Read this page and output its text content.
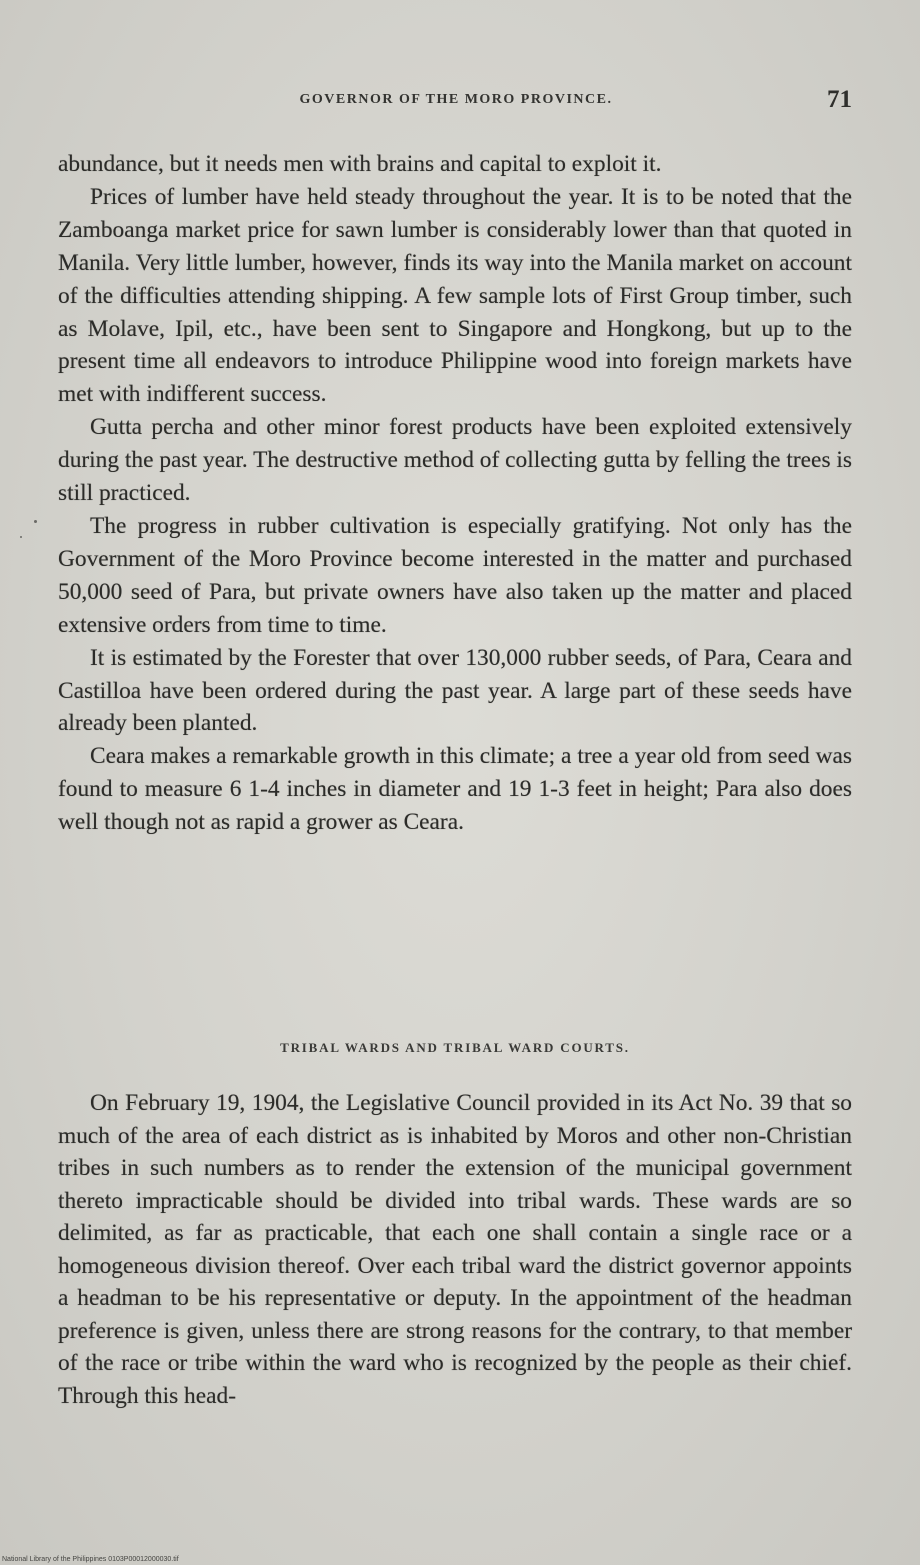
GOVERNOR OF THE MORO PROVINCE.	71

abundance, but it needs men with brains and capital to exploit it.

Prices of lumber have held steady throughout the year. It is to be noted that the Zamboanga market price for sawn lumber is considerably lower than that quoted in Manila. Very little lumber, however, finds its way into the Manila market on account of the difficulties attending shipping. A few sample lots of First Group timber, such as Molave, Ipil, etc., have been sent to Singapore and Hongkong, but up to the present time all endeavors to introduce Philippine wood into foreign markets have met with indifferent success.

Gutta percha and other minor forest products have been exploited extensively during the past year. The destructive method of collecting gutta by felling the trees is still practiced.

The progress in rubber cultivation is especially gratifying. Not only has the Government of the Moro Province become interested in the matter and purchased 50,000 seed of Para, but private owners have also taken up the matter and placed extensive orders from time to time.

It is estimated by the Forester that over 130,000 rubber seeds, of Para, Ceara and Castilloa have been ordered during the past year. A large part of these seeds have already been planted.

Ceara makes a remarkable growth in this climate; a tree a year old from seed was found to measure 6 1-4 inches in diameter and 19 1-3 feet in height; Para also does well though not as rapid a grower as Ceara.

TRIBAL WARDS AND TRIBAL WARD COURTS.

On February 19, 1904, the Legislative Council provided in its Act No. 39 that so much of the area of each district as is inhabited by Moros and other non-Christian tribes in such numbers as to render the extension of the municipal government thereto impracticable should be divided into tribal wards. These wards are so delimited, as far as practicable, that each one shall contain a single race or a homogeneous division thereof. Over each tribal ward the district governor appoints a headman to be his representative or deputy. In the appointment of the headman preference is given, unless there are strong reasons for the contrary, to that member of the race or tribe within the ward who is recognized by the people as their chief. Through this head-

National Library of the Philippines 0103P00012000030.tif
